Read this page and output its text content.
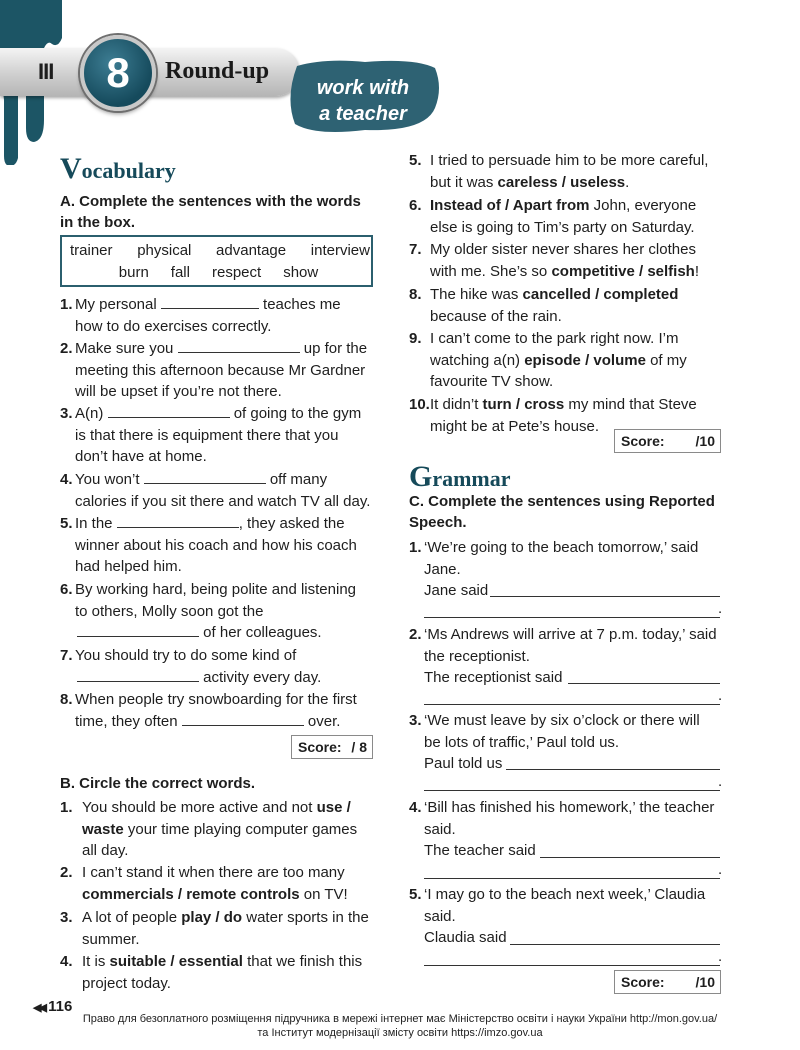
III	8	Round-up
work with
a teacher
Vocabulary
A. Complete the sentences with the words in the box.
trainer physical advantage interview
burn fall respect show
1. My personal	teaches me
how to do exercises correctly.
2. Make sure you	up for the
meeting this afternoon because Mr Gardner
will be upset if you’re not there.
3. A(n)	of going to the gym
is that there is equipment there that you
don’t have at home.
4. You won’t	off many
calories if you sit there and watch TV all day.
5. In the	, they asked the
winner about his coach and how his coach
had helped him.
6. By working hard, being polite and listening
to others, Molly soon got the
of her colleagues.
7. You should try to do some kind of
activity every day.
8. When people try snowboarding for the first
time, they often	over.
Score: / 8
B. Circle the correct words.
1. You should be more active and not use /
waste your time playing computer games
all day.
2. I can’t stand it when there are too many
commercials / remote controls on TV!
3. A lot of people play / do water sports in the
summer.
4. It is suitable / essential that we finish this
project today.
5. I tried to persuade him to be more careful,
but it was careless / useless.
6. Instead of / Apart from John, everyone
else is going to Tim’s party on Saturday.
7. My older sister never shares her clothes
with me. She’s so competitive / selfish!
8. The hike was cancelled / completed
because of the rain.
9. I can’t come to the park right now. I’m
watching a(n) episode / volume of my
favourite TV show.
10. It didn’t turn / cross my mind that Steve
might be at Pete’s house.
Score: /10
Grammar
C. Complete the sentences using Reported Speech.
1. ‘We’re going to the beach tomorrow,’ said
Jane.
Jane said
.
2. ‘Ms Andrews will arrive at 7 p.m. today,’ said
the receptionist.
The receptionist said
.
3. ‘We must leave by six o’clock or there will
be lots of traffic,’ Paul told us.
Paul told us
.
4. ‘Bill has finished his homework,’ the teacher
said.
The teacher said
.
5. ‘I may go to the beach next week,’ Claudia
said.
Claudia said
.
Score: /10
◀◀ 116
Право для безоплатного розміщення підручника в мережі інтернет має Міністерство освіти і науки України http://mon.gov.ua/
та Інститут модернізації змісту освіти https://imzo.gov.ua
